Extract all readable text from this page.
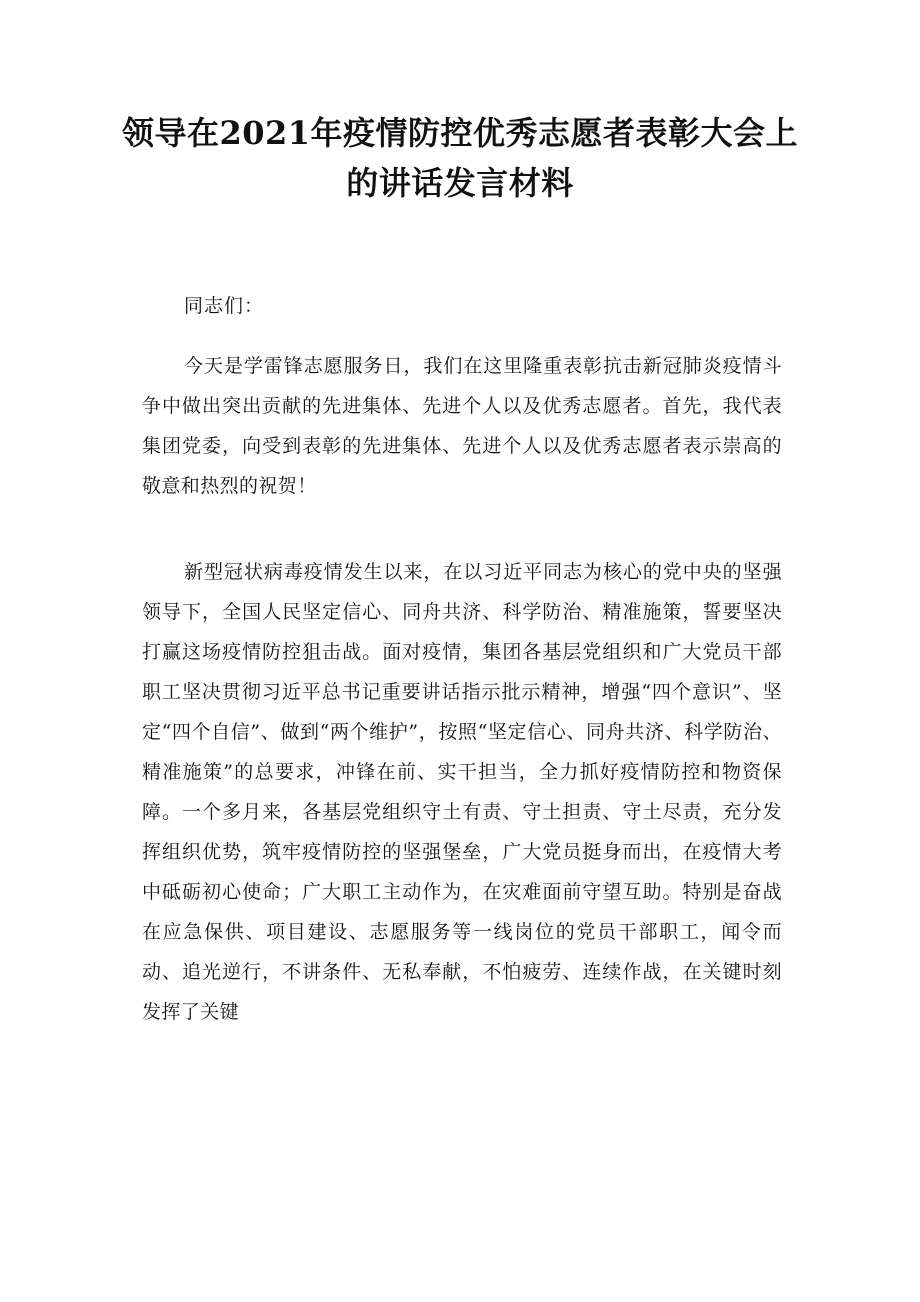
领导在2021年疫情防控优秀志愿者表彰大会上的讲话发言材料

同志们：

今天是学雷锋志愿服务日，我们在这里隆重表彰抗击新冠肺炎疫情斗争中做出突出贡献的先进集体、先进个人以及优秀志愿者。首先，我代表集团党委，向受到表彰的先进集体、先进个人以及优秀志愿者表示崇高的敬意和热烈的祝贺！

新型冠状病毒疫情发生以来，在以习近平同志为核心的党中央的坚强领导下，全国人民坚定信心、同舟共济、科学防治、精准施策，誓要坚决打赢这场疫情防控狙击战。面对疫情，集团各基层党组织和广大党员干部职工坚决贯彻习近平总书记重要讲话指示批示精神，增强“四个意识”、坚定“四个自信”、做到“两个维护”，按照“坚定信心、同舟共济、科学防治、精准施策”的总要求，冲锋在前、实干担当，全力抓好疫情防控和物资保障。一个多月来，各基层党组织守土有责、守土担责、守土尽责，充分发挥组织优势，筑牢疫情防控的坚强堡垒，广大党员挺身而出，在疫情大考中砥砺初心使命；广大职工主动作为，在灾难面前守望互助。特别是奋战在应急保供、项目建设、志愿服务等一线岗位的党员干部职工，闻令而动、追光逆行，不讲条件、无私奉献，不怕疲劳、连续作战，在关键时刻发挥了关键
